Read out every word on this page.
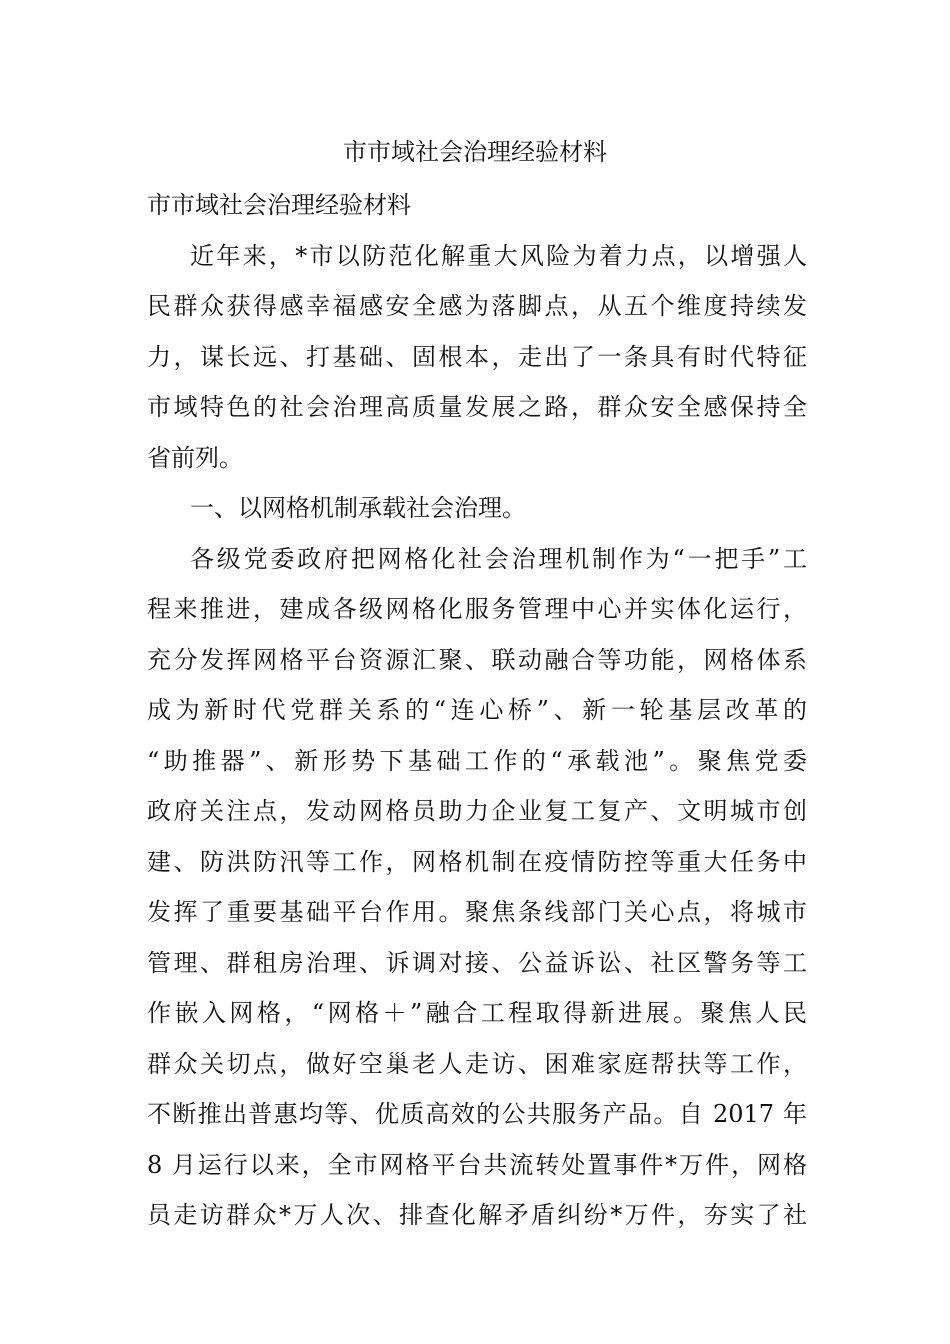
市市域社会治理经验材料
市市域社会治理经验材料
近年来，*市以防范化解重大风险为着力点，以增强人
民群众获得感幸福感安全感为落脚点，从五个维度持续发
力，谋长远、打基础、固根本，走出了一条具有时代特征
市域特色的社会治理高质量发展之路，群众安全感保持全
省前列。
一、以网格机制承载社会治理。
各级党委政府把网格化社会治理机制作为“一把手”工
程来推进，建成各级网格化服务管理中心并实体化运行，
充分发挥网格平台资源汇聚、联动融合等功能，网格体系
成为新时代党群关系的“连心桥”、新一轮基层改革的
“助推器”、新形势下基础工作的“承载池”。聚焦党委
政府关注点，发动网格员助力企业复工复产、文明城市创
建、防洪防汛等工作，网格机制在疫情防控等重大任务中
发挥了重要基础平台作用。聚焦条线部门关心点，将城市
管理、群租房治理、诉调对接、公益诉讼、社区警务等工
作嵌入网格，“网格＋”融合工程取得新进展。聚焦人民
群众关切点，做好空巢老人走访、困难家庭帮扶等工作，
不断推出普惠均等、优质高效的公共服务产品。自 2017 年
8 月运行以来，全市网格平台共流转处置事件*万件，网格
员走访群众*万人次、排查化解矛盾纠纷*万件，夯实了社
